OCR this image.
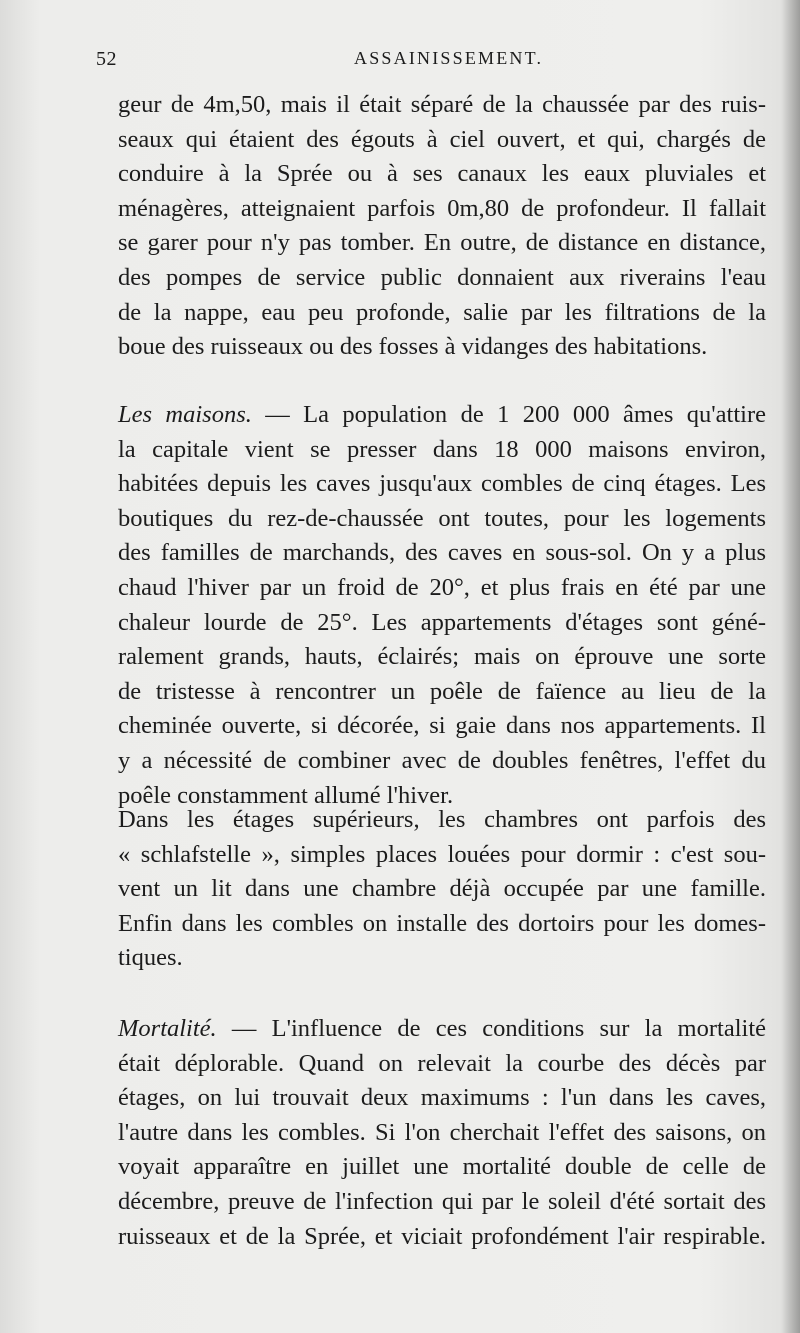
52	ASSAINISSEMENT.
geur de 4m,50, mais il était séparé de la chaussée par des ruis-
seaux qui étaient des égouts à ciel ouvert, et qui, chargés de
conduire à la Sprée ou à ses canaux les eaux pluviales et
ménagères, atteignaient parfois 0m,80 de profondeur. Il fallait
se garer pour n'y pas tomber. En outre, de distance en distance,
des pompes de service public donnaient aux riverains l'eau
de la nappe, eau peu profonde, salie par les filtrations de la
boue des ruisseaux ou des fosses à vidanges des habitations.
Les maisons. — La population de 1 200 000 âmes qu'attire
la capitale vient se presser dans 18 000 maisons environ,
habitées depuis les caves jusqu'aux combles de cinq étages. Les
boutiques du rez-de-chaussée ont toutes, pour les logements
des familles de marchands, des caves en sous-sol. On y a plus
chaud l'hiver par un froid de 20°, et plus frais en été par une
chaleur lourde de 25°. Les appartements d'étages sont géné-
ralement grands, hauts, éclairés; mais on éprouve une sorte
de tristesse à rencontrer un poêle de faïence au lieu de la
cheminée ouverte, si décorée, si gaie dans nos appartements. Il
y a nécessité de combiner avec de doubles fenêtres, l'effet du
poêle constamment allumé l'hiver.
Dans les étages supérieurs, les chambres ont parfois des
« schlafstelle », simples places louées pour dormir : c'est sou-
vent un lit dans une chambre déjà occupée par une famille.
Enfin dans les combles on installe des dortoirs pour les domes-
tiques.
Mortalité. — L'influence de ces conditions sur la mortalité
était déplorable. Quand on relevait la courbe des décès par
étages, on lui trouvait deux maximums : l'un dans les caves,
l'autre dans les combles. Si l'on cherchait l'effet des saisons, on
voyait apparaître en juillet une mortalité double de celle de
décembre, preuve de l'infection qui par le soleil d'été sortait des
ruisseaux et de la Sprée, et viciait profondément l'air respirable.
